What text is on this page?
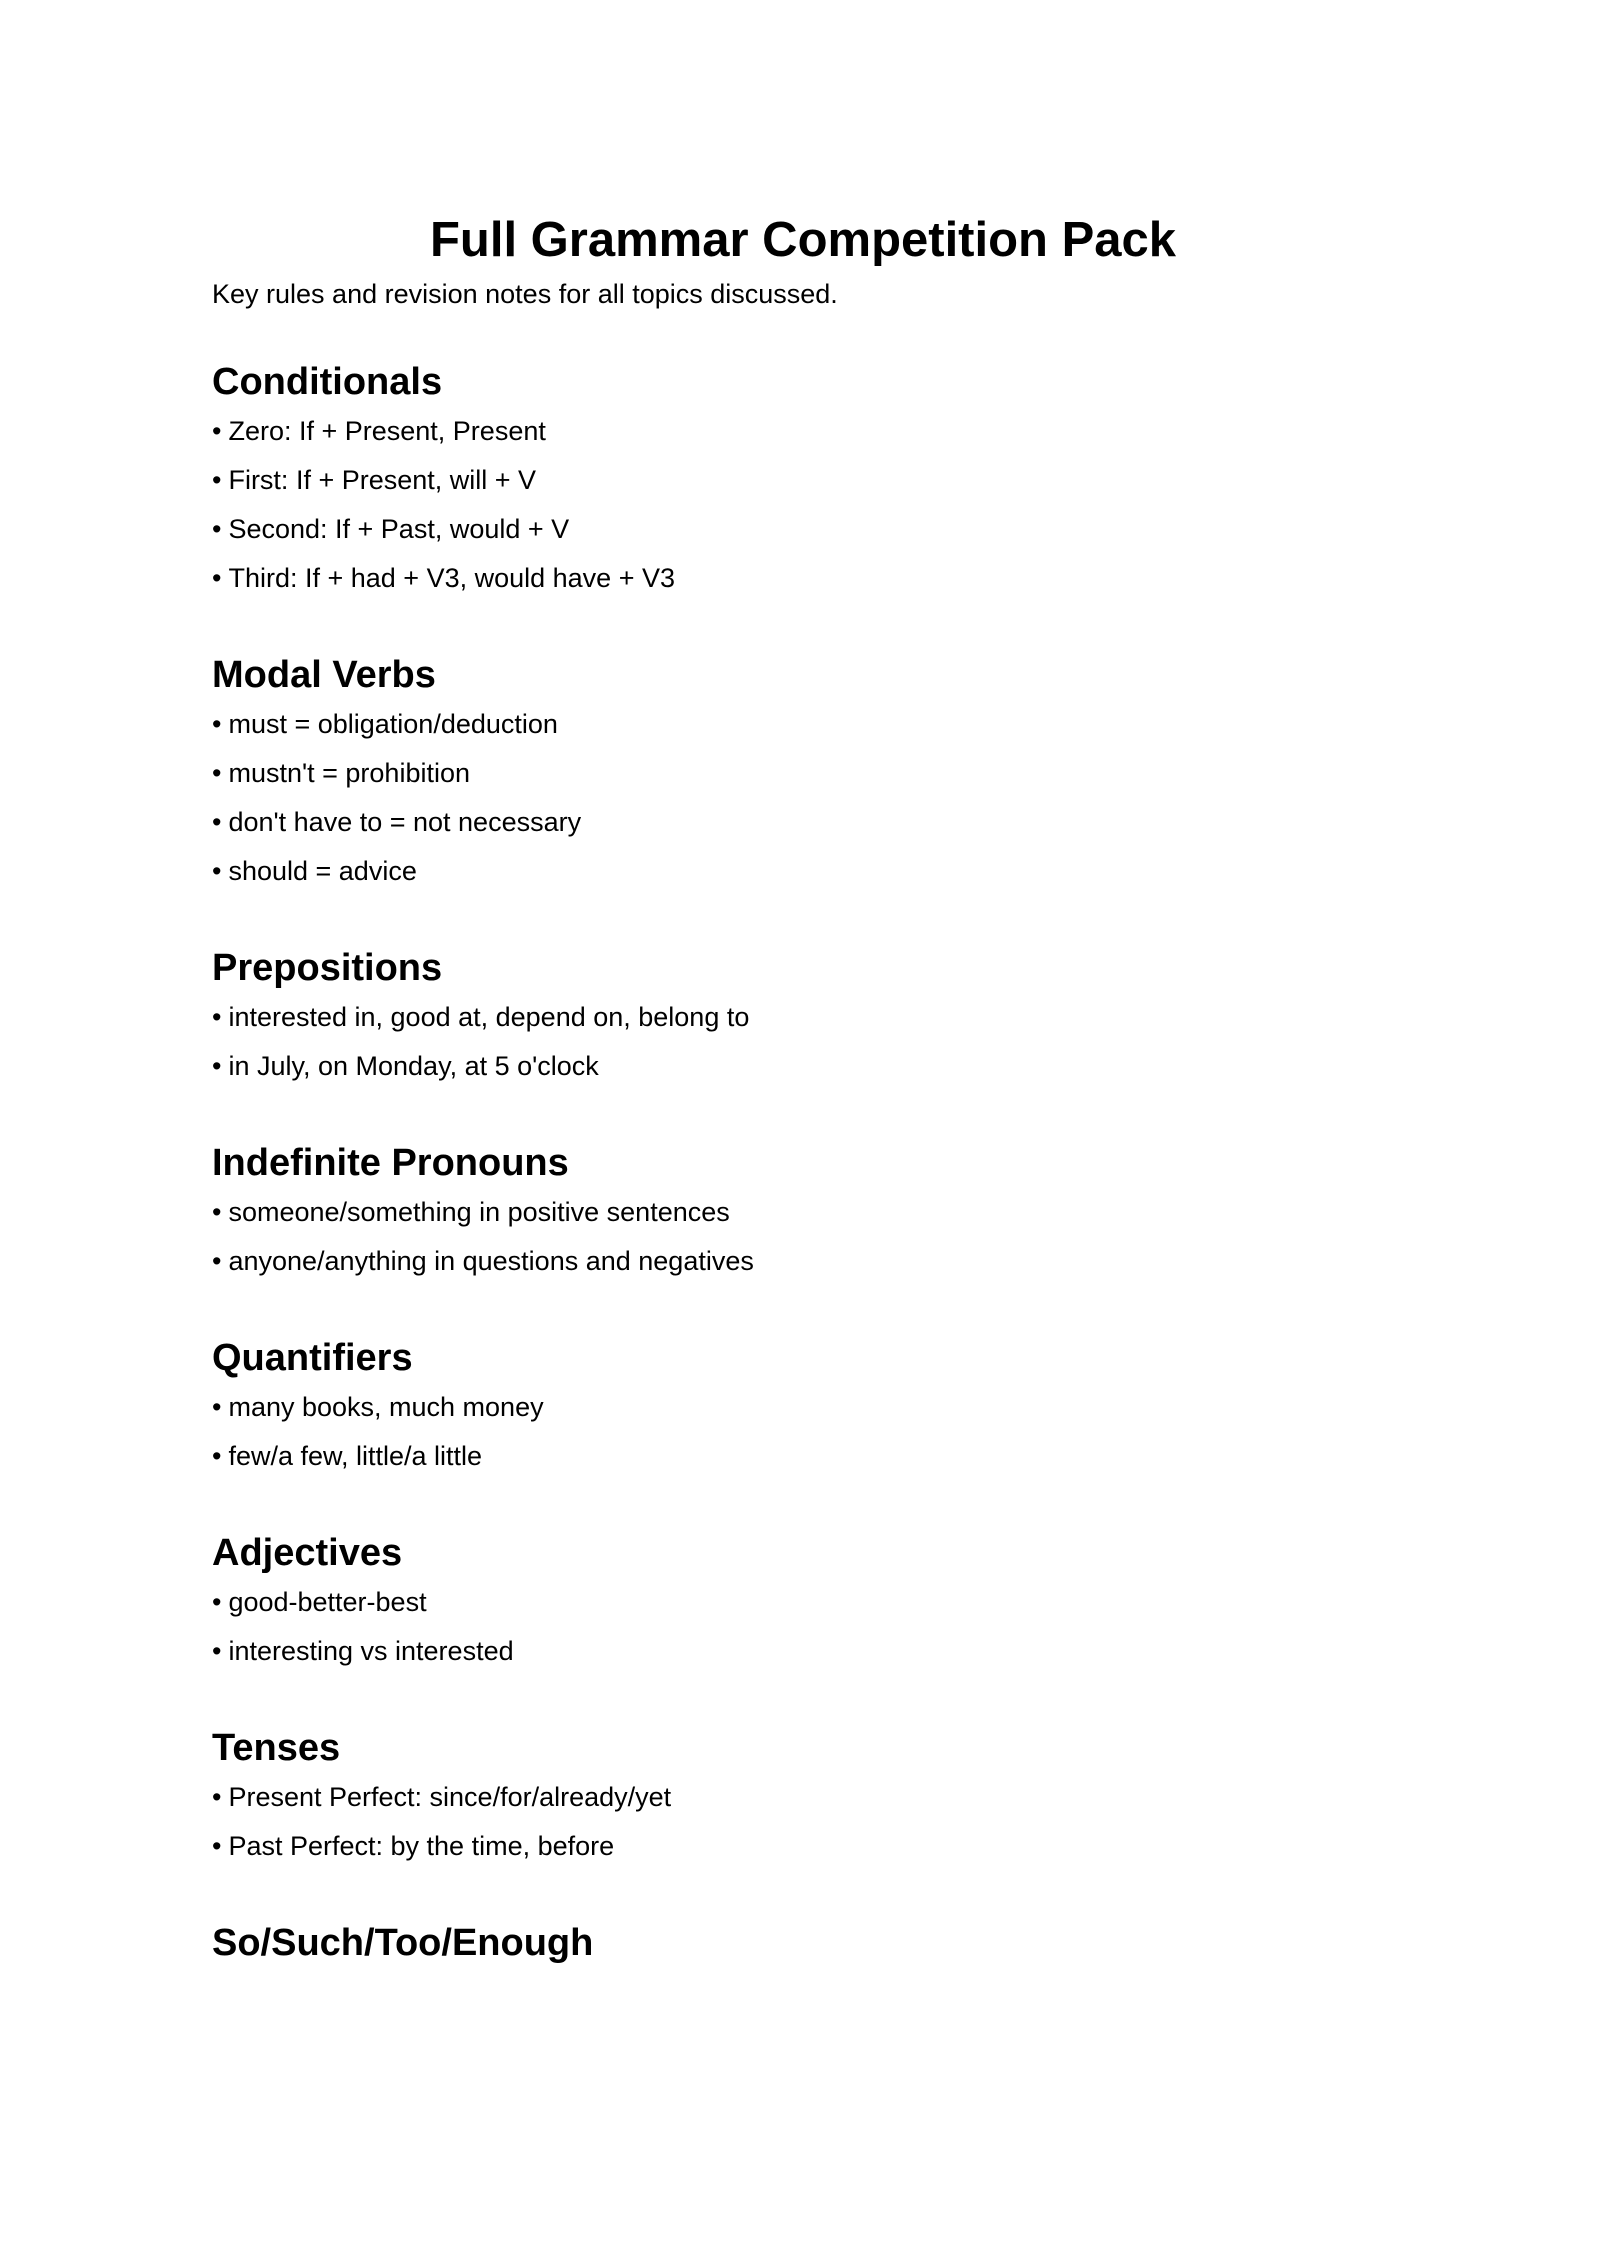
Full Grammar Competition Pack

Key rules and revision notes for all topics discussed.

Conditionals
• Zero: If + Present, Present
• First: If + Present, will + V
• Second: If + Past, would + V
• Third: If + had + V3, would have + V3
Modal Verbs
• must = obligation/deduction
• mustn't = prohibition
• don't have to = not necessary
• should = advice
Prepositions
• interested in, good at, depend on, belong to
• in July, on Monday, at 5 o'clock
Indefinite Pronouns
• someone/something in positive sentences
• anyone/anything in questions and negatives
Quantifiers
• many books, much money
• few/a few, little/a little
Adjectives
• good-better-best
• interesting vs interested
Tenses
• Present Perfect: since/for/already/yet
• Past Perfect: by the time, before
So/Such/Too/Enough
